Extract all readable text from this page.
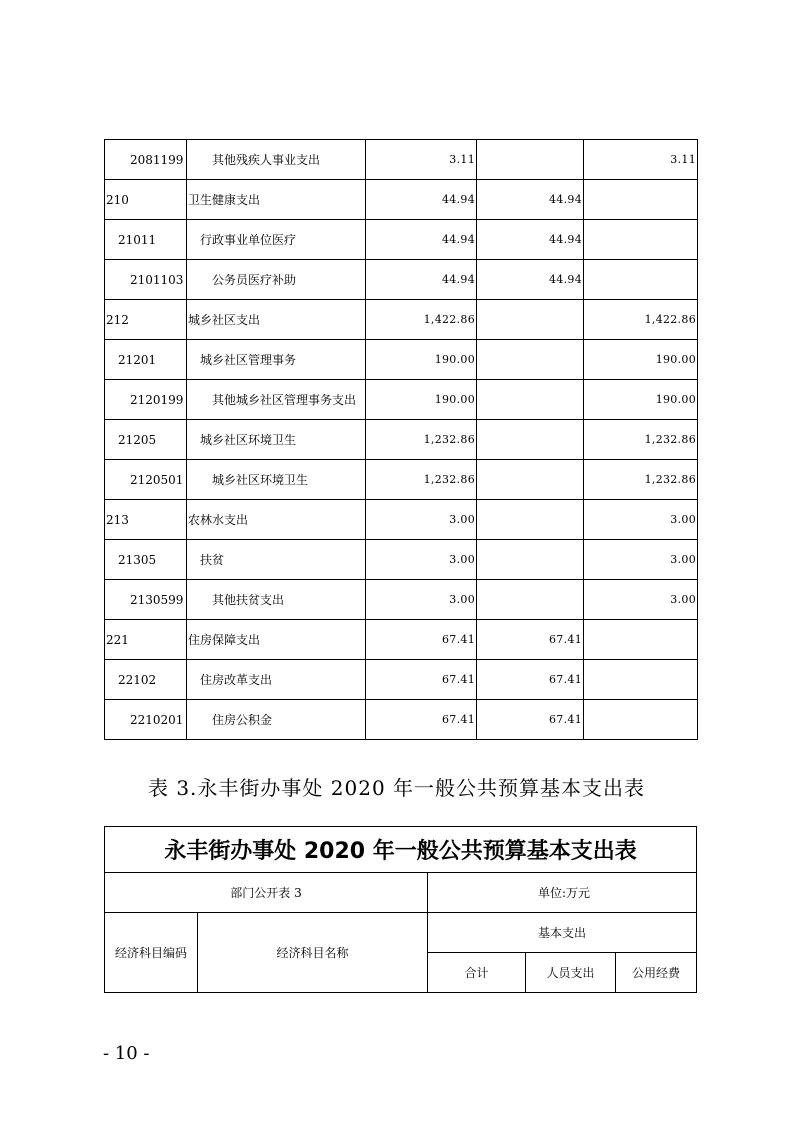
2081199	其他残疾人事业支出	3.11		3.11
210	卫生健康支出	44.94	44.94	
21011	行政事业单位医疗	44.94	44.94	
2101103	公务员医疗补助	44.94	44.94	
212	城乡社区支出	1,422.86		1,422.86
21201	城乡社区管理事务	190.00		190.00
2120199	其他城乡社区管理事务支出	190.00		190.00
21205	城乡社区环境卫生	1,232.86		1,232.86
2120501	城乡社区环境卫生	1,232.86		1,232.86
213	农林水支出	3.00		3.00
21305	扶贫	3.00		3.00
2130599	其他扶贫支出	3.00		3.00
221	住房保障支出	67.41	67.41	
22102	住房改革支出	67.41	67.41	
2210201	住房公积金	67.41	67.41	
表 3.永丰街办事处 2020 年一般公共预算基本支出表
永丰街办事处 2020 年一般公共预算基本支出表				
部门公开表 3		单位:万元		
经济科目编码	经济科目名称	基本支出		
		合计	人员支出	公用经费
- 10 -
